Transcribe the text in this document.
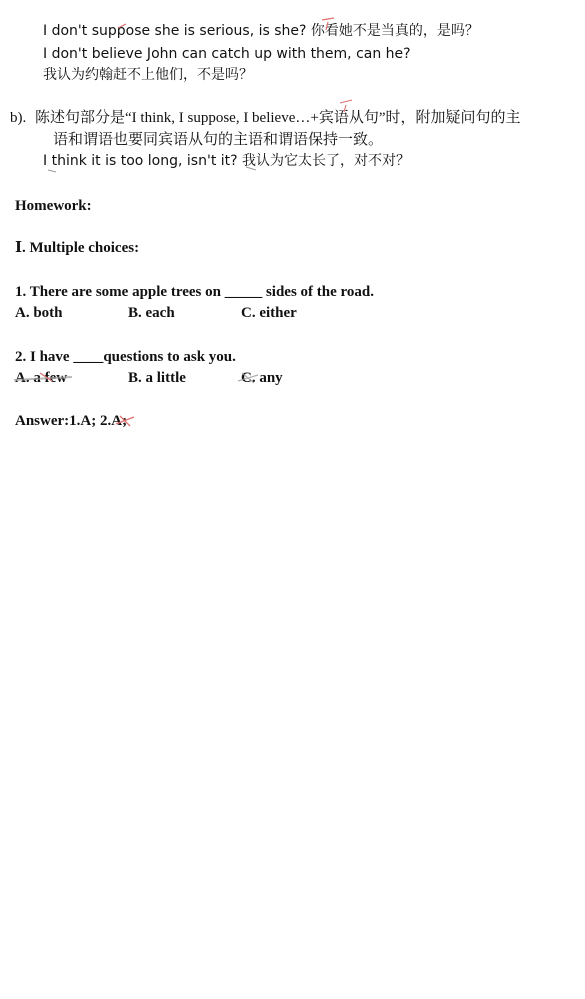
I don't suppose she is serious, is she? 你看她不是当真的，是吗？
I don't believe John can catch up with them, can he?
我认为约翰赶不上他们，不是吗？
b). 陈述句部分是“I think, I suppose, I believe…+宾语从句”时，附加疑问句的主
语和谓语也要同宾语从句的主语和谓语保持一致。
I think it is too long, isn't it? 我认为它太长了，对不对？
Homework:
Ⅰ. Multiple choices:
1. There are some apple trees on _____ sides of the road.
A. both	B. each	C. either
2. I have ____questions to ask you.
A. a few	B. a little	C. any
Answer:1.A; 2.A;
